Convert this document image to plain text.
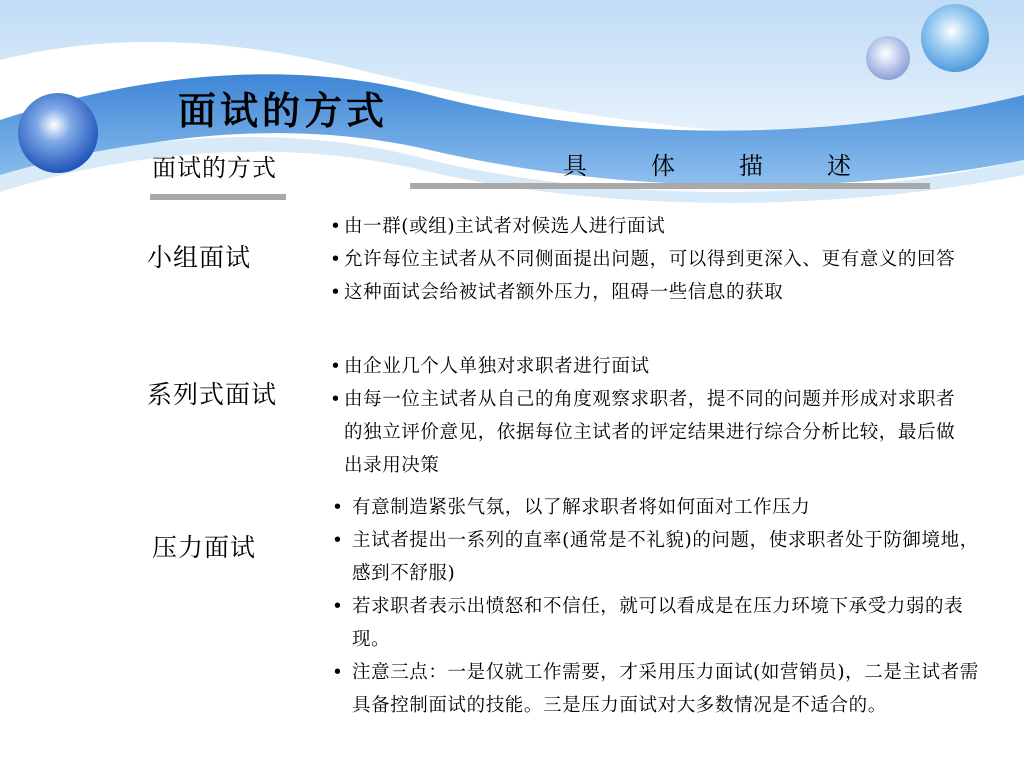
面试的方式
面试的方式	具	体	描	述
小组面试
• 由一群(或组)主试者对候选人进行面试
• 允许每位主试者从不同侧面提出问题，可以得到更深入、更有意义的回答
• 这种面试会给被试者额外压力，阻碍一些信息的获取
系列式面试
• 由企业几个人单独对求职者进行面试
• 由每一位主试者从自己的角度观察求职者，提不同的问题并形成对求职者的独立评价意见，依据每位主试者的评定结果进行综合分析比较，最后做出录用决策
压力面试
• 有意制造紧张气氛，以了解求职者将如何面对工作压力
• 主试者提出一系列的直率(通常是不礼貌)的问题，使求职者处于防御境地，感到不舒服)
• 若求职者表示出愤怒和不信任，就可以看成是在压力环境下承受力弱的表现。
• 注意三点：一是仅就工作需要，才采用压力面试(如营销员)，二是主试者需具备控制面试的技能。三是压力面试对大多数情况是不适合的。
